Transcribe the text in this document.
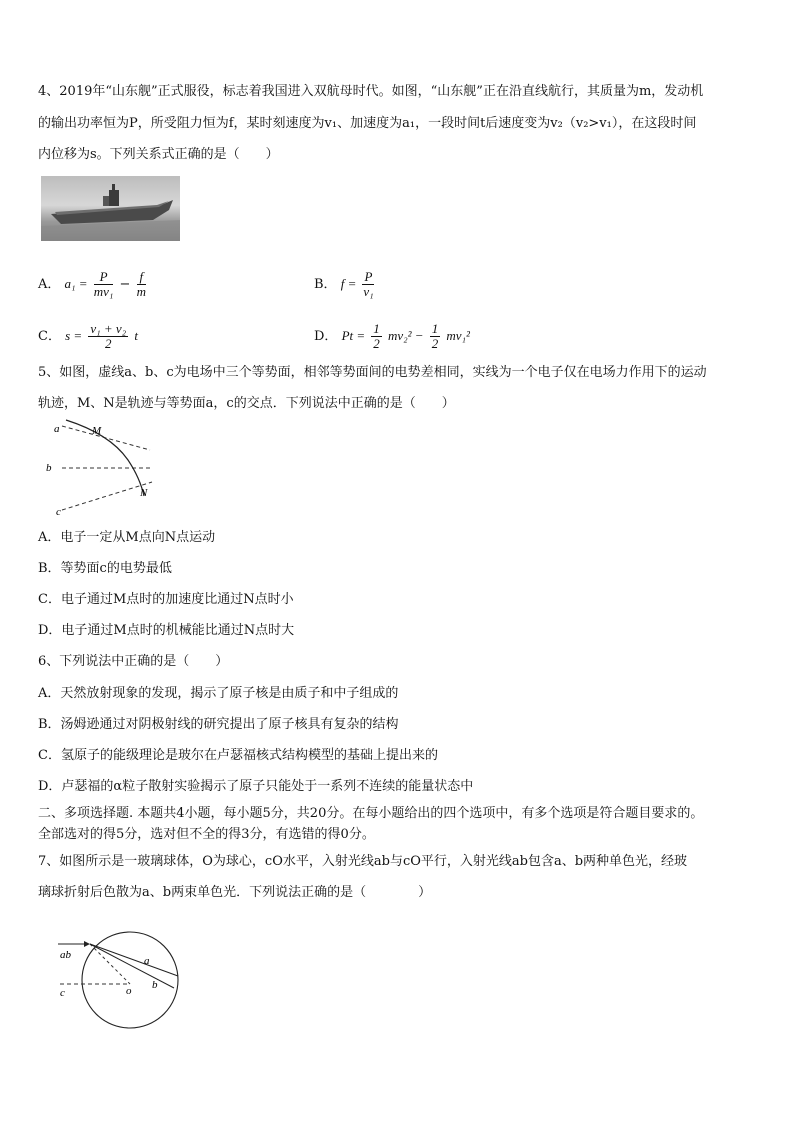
4、2019年“山东舰”正式服役，标志着我国进入双航母时代。如图，“山东舰”正在沿直线航行，其质量为m，发动机
的输出功率恒为P，所受阻力恒为f，某时刻速度为v₁、加速度为a₁，一段时间t后速度变为v₂（v₂>v₁），在这段时间
内位移为s。下列关系式正确的是（　　）
A． $a_1 = \frac{P}{\text{mv₁}} - \frac{f}{m}$	B． $f = \frac{P}{\text{v₁}}$
C． $s = \frac{\text{v₁ + v₂}}{2}$ t	D． $Pt = \frac{1}{2} mv_2^2 - \frac{1}{2} mv_1^2$
5、如图，虚线a、b、c为电场中三个等势面，相邻等势面间的电势差相同，实线为一个电子仅在电场力作用下的运动
轨迹，M、N是轨迹与等势面a，c的交点．下列说法中正确的是（　　）
a
b
c
M
N
A．电子一定从M点向N点运动
B．等势面c的电势最低
C．电子通过M点时的加速度比通过N点时小
D．电子通过M点时的机械能比通过N点时大
6、下列说法中正确的是（　　）
A．天然放射现象的发现，揭示了原子核是由质子和中子组成的
B．汤姆逊通过对阴极射线的研究提出了原子核具有复杂的结构
C．氢原子的能级理论是玻尔在卢瑟福核式结构模型的基础上提出来的
D．卢瑟福的α粒子散射实验揭示了原子只能处于一系列不连续的能量状态中
二、多项选择题. 本题共4小题，每小题5分，共20分。在每小题给出的四个选项中，有多个选项是符合题目要求的。
全部选对的得5分，选对但不全的得3分，有选错的得0分。
7、如图所示是一玻璃球体，O为球心，cO水平，入射光线ab与cO平行，入射光线ab包含a、b两种单色光，经玻
璃球折射后色散为a、b两束单色光．下列说法正确的是（　　　　）
ab
c	o
a
b
